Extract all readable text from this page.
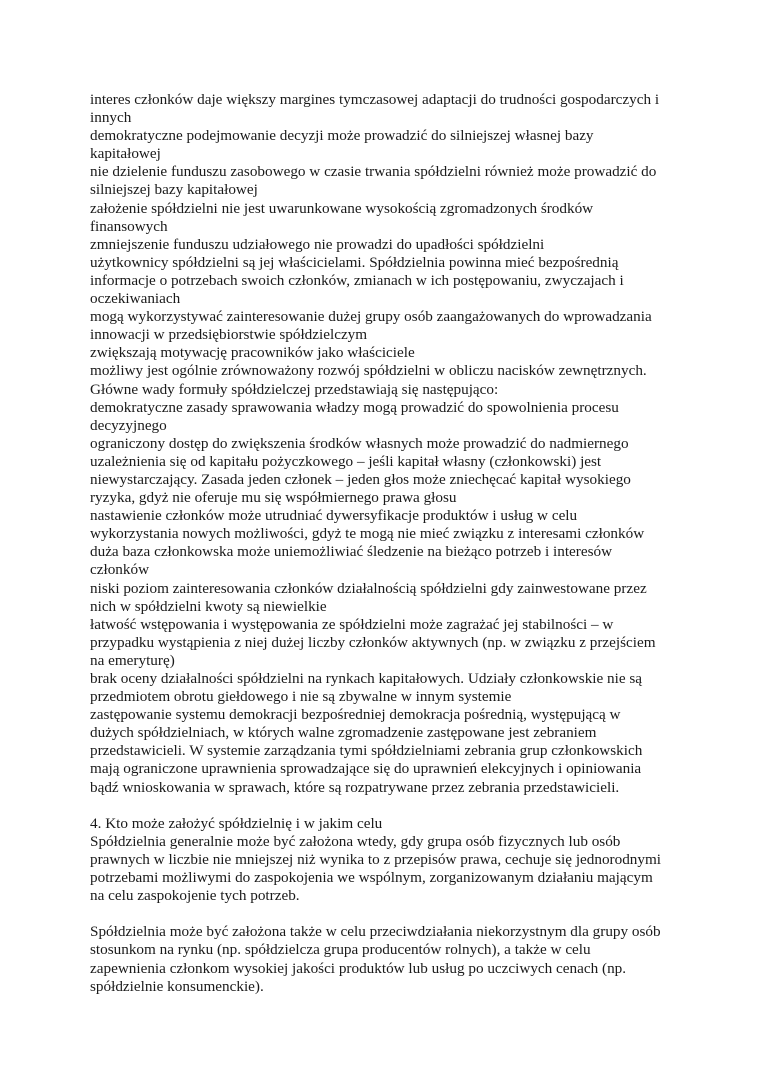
interes członków daje większy margines tymczasowej adaptacji do trudności gospodarczych i
innych
demokratyczne podejmowanie decyzji może prowadzić do silniejszej własnej bazy
kapitałowej
nie dzielenie funduszu zasobowego w czasie trwania spółdzielni również może prowadzić do
silniejszej bazy kapitałowej
założenie spółdzielni nie jest uwarunkowane wysokością zgromadzonych środków
finansowych
zmniejszenie funduszu udziałowego nie prowadzi do upadłości spółdzielni
użytkownicy spółdzielni są jej właścicielami. Spółdzielnia powinna mieć bezpośrednią
informacje o potrzebach swoich członków, zmianach w ich postępowaniu, zwyczajach i
oczekiwaniach
mogą wykorzystywać zainteresowanie dużej grupy osób zaangażowanych do wprowadzania
innowacji w przedsiębiorstwie spółdzielczym
zwiększają motywację pracowników jako właściciele
możliwy jest ogólnie zrównoważony rozwój spółdzielni w obliczu nacisków zewnętrznych.
Główne wady formuły spółdzielczej przedstawiają się następująco:
demokratyczne zasady sprawowania władzy mogą prowadzić do spowolnienia procesu
decyzyjnego
ograniczony dostęp do zwiększenia środków własnych może prowadzić do nadmiernego
uzależnienia się od kapitału pożyczkowego – jeśli kapitał własny (członkowski) jest
niewystarczający. Zasada jeden członek – jeden głos może zniechęcać kapitał wysokiego
ryzyka, gdyż nie oferuje mu się współmiernego prawa głosu
nastawienie członków może utrudniać dywersyfikacje produktów i usług w celu
wykorzystania nowych możliwości, gdyż te mogą nie mieć związku z interesami członków
duża baza członkowska może uniemożliwiać śledzenie na bieżąco potrzeb i interesów
członków
niski poziom zainteresowania członków działalnością spółdzielni gdy zainwestowane przez
nich w spółdzielni kwoty są niewielkie
łatwość wstępowania i występowania ze spółdzielni może zagrażać jej stabilności – w
przypadku wystąpienia z niej dużej liczby członków aktywnych (np. w związku z przejściem
na emeryturę)
brak oceny działalności spółdzielni na rynkach kapitałowych. Udziały członkowskie nie są
przedmiotem obrotu giełdowego i nie są zbywalne w innym systemie
zastępowanie systemu demokracji bezpośredniej demokracja pośrednią, występującą w
dużych spółdzielniach, w których walne zgromadzenie zastępowane jest zebraniem
przedstawicieli. W systemie zarządzania tymi spółdzielniami zebrania grup członkowskich
mają ograniczone uprawnienia sprowadzające się do uprawnień elekcyjnych i opiniowania
bądź wnioskowania w sprawach, które są rozpatrywane przez zebrania przedstawicieli.
4. Kto może założyć spółdzielnię i w jakim celu
Spółdzielnia generalnie może być założona wtedy, gdy grupa osób fizycznych lub osób
prawnych w liczbie nie mniejszej niż wynika to z przepisów prawa, cechuje się jednorodnymi
potrzebami możliwymi do zaspokojenia we wspólnym, zorganizowanym działaniu mającym
na celu zaspokojenie tych potrzeb.
Spółdzielnia może być założona także w celu przeciwdziałania niekorzystnym dla grupy osób
stosunkom na rynku (np. spółdzielcza grupa producentów rolnych), a także w celu
zapewnienia członkom wysokiej jakości produktów lub usług po uczciwych cenach (np.
spółdzielnie konsumenckie).
